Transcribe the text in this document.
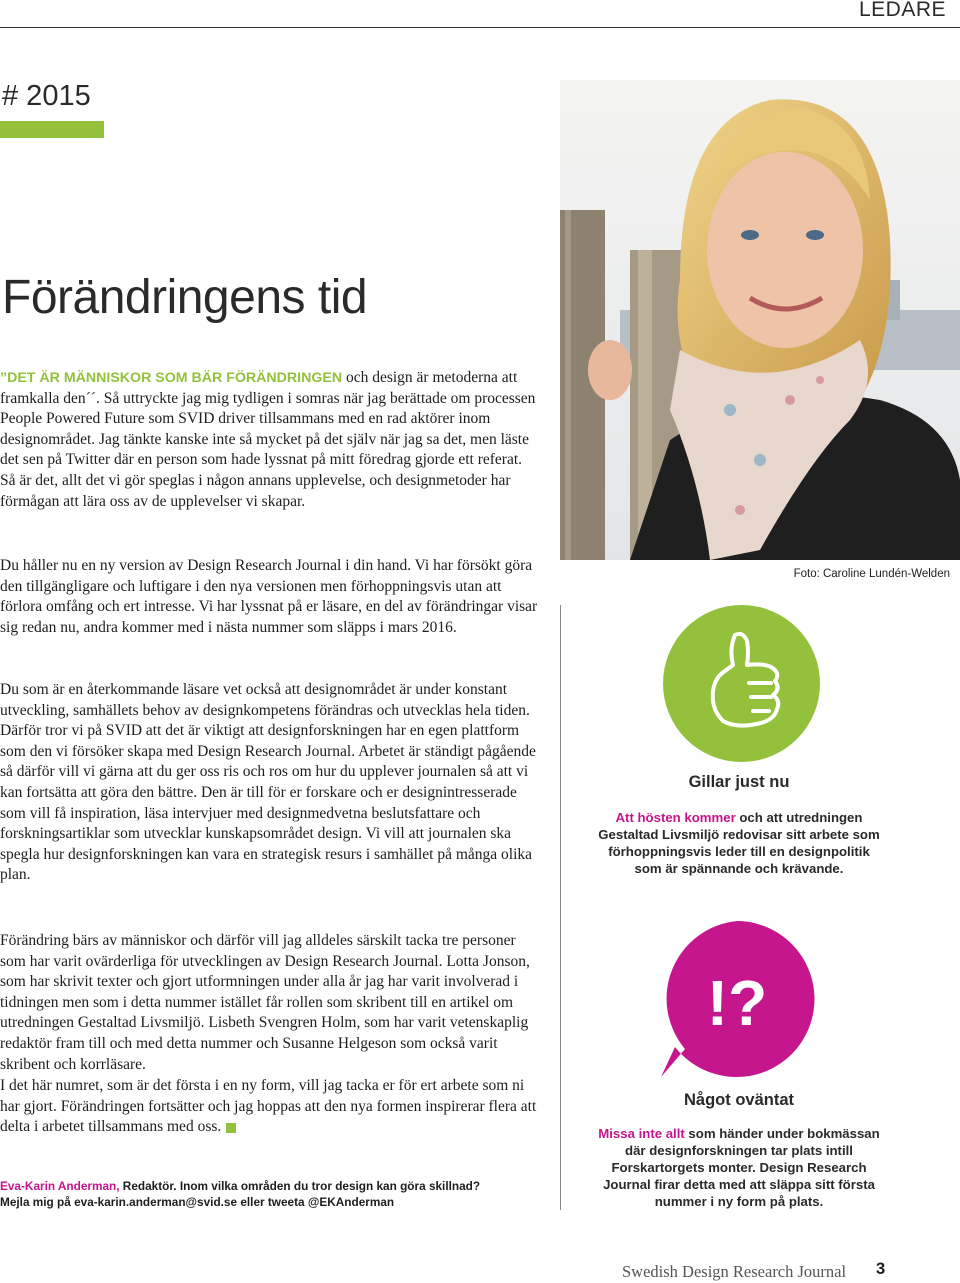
LEDARE
# 2015
Förändringens tid
”DET ÄR MÄNNISKOR SOM BÄR FÖRÄNDRINGEN och design är metoderna att framkalla den´´. Så uttryckte jag mig tydligen i somras när jag berättade om processen People Powered Future som SVID driver tillsammans med en rad aktörer inom designområdet. Jag tänkte kanske inte så mycket på det själv när jag sa det, men läste det sen på Twitter där en person som hade lyssnat på mitt föredrag gjorde ett referat. Så är det, allt det vi gör speglas i någon annans upplevelse, och designmetoder har förmågan att lära oss av de upplevelser vi skapar.
Du håller nu en ny version av Design Research Journal i din hand. Vi har försökt göra den tillgängligare och luftigare i den nya versionen men förhoppningsvis utan att förlora omfång och ert intresse. Vi har lyssnat på er läsare, en del av förändringar visar sig redan nu, andra kommer med i nästa nummer som släpps i mars 2016.
Du som är en återkommande läsare vet också att designområdet är under konstant utveckling, samhällets behov av designkompetens förändras och utvecklas hela tiden. Därför tror vi på SVID att det är viktigt att designforskningen har en egen plattform som den vi försöker skapa med Design Research Journal. Arbetet är ständigt pågående så därför vill vi gärna att du ger oss ris och ros om hur du upplever journalen så att vi kan fortsätta att göra den bättre. Den är till för er forskare och er designintresserade som vill få inspiration, läsa intervjuer med designmedvetna beslutsfattare och forskningsartiklar som utvecklar kunskapsområdet design. Vi vill att journalen ska spegla hur designforskningen kan vara en strategisk resurs i samhället på många olika plan.
Förändring bärs av människor och därför vill jag alldeles särskilt tacka tre personer som har varit ovärderliga för utvecklingen av Design Research Journal. Lotta Jonson, som har skrivit texter och gjort utformningen under alla år jag har varit involverad i tidningen men som i detta nummer istället får rollen som skribent till en artikel om utredningen Gestaltad Livsmiljö. Lisbeth Svengren Holm, som har varit vetenskaplig redaktör fram till och med detta nummer och Susanne Helgeson som också varit skribent och korrläsare.
I det här numret, som är det första i en ny form, vill jag tacka er för ert arbete som ni har gjort. Förändringen fortsätter och jag hoppas att den nya formen inspirerar flera att delta i arbetet tillsammans med oss.
Eva-Karin Anderman, Redaktör. Inom vilka områden du tror design kan göra skillnad?
Mejla mig på eva-karin.anderman@svid.se eller tweeta @EKAnderman
Foto: Caroline Lundén-Welden
Gillar just nu
Att hösten kommer och att utredningen Gestaltad Livsmiljö redovisar sitt arbete som förhoppningsvis leder till en designpolitik som är spännande och krävande.
!?
Något oväntat
Missa inte allt som händer under bokmässan där designforskningen tar plats intill Forskartorgets monter. Design Research Journal firar detta med att släppa sitt första nummer i ny form på plats.
Swedish Design Research Journal 3
